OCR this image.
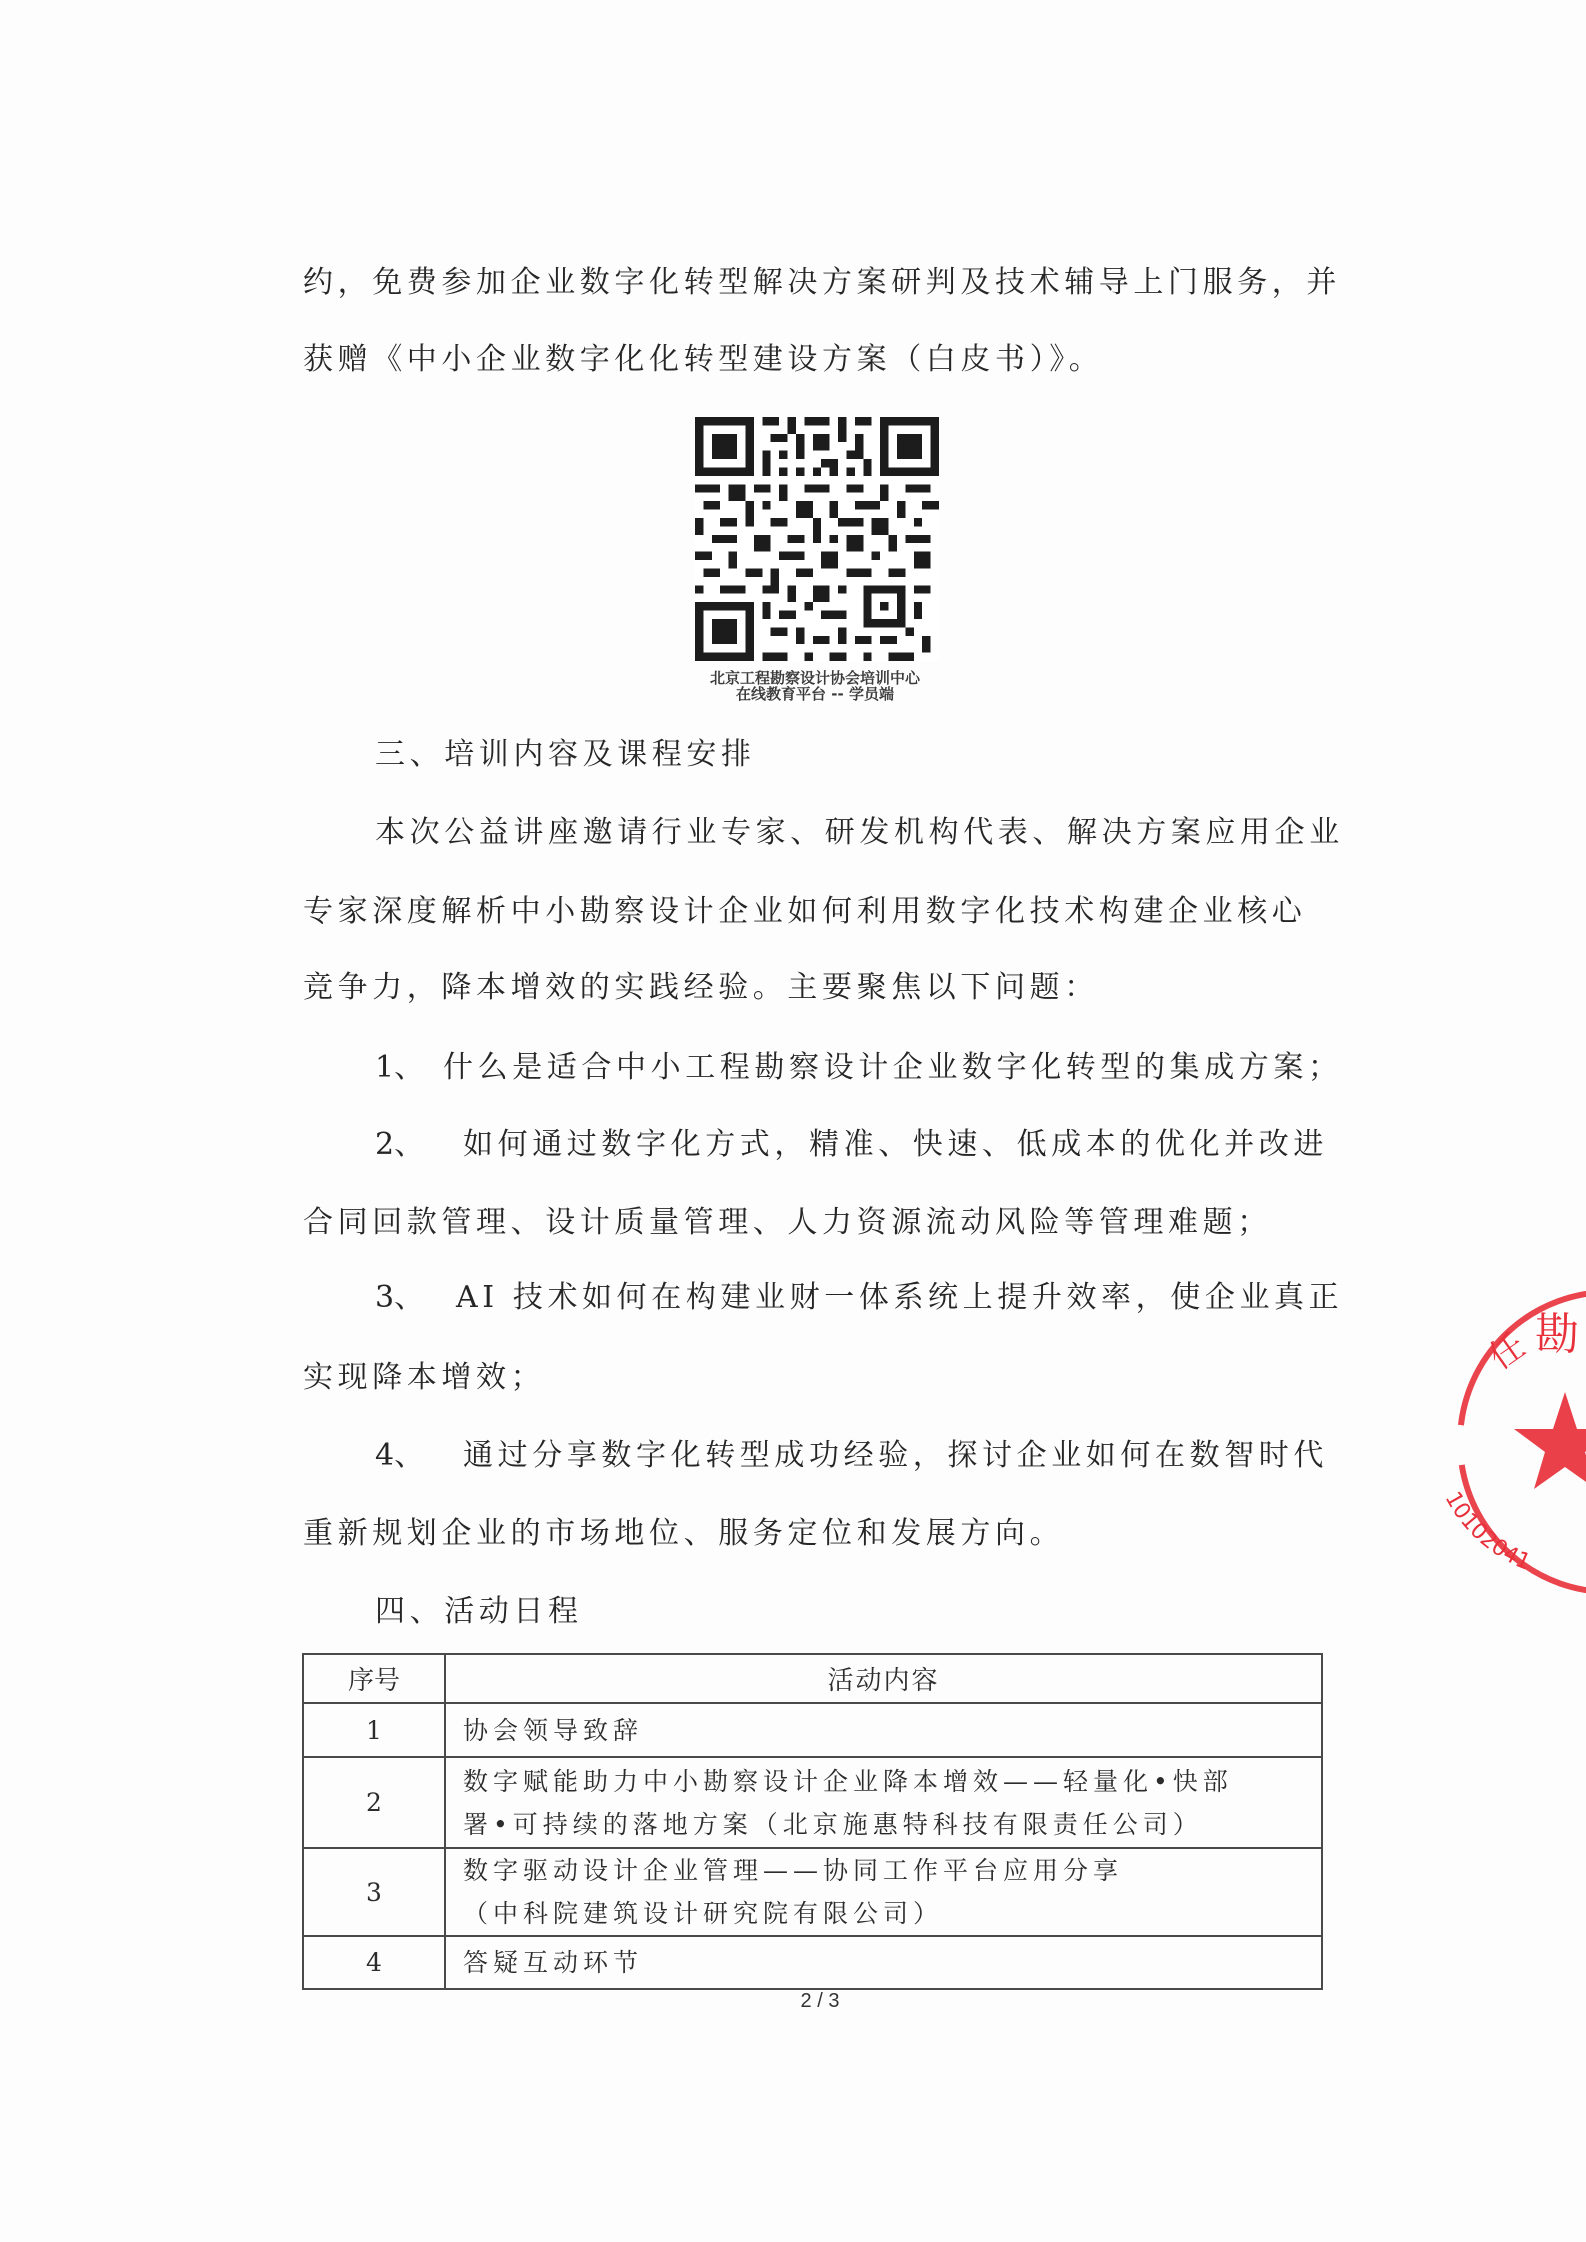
约，免费参加企业数字化转型解决方案研判及技术辅导上门服务，并
获赠《中小企业数字化化转型建设方案（白皮书）》。
北京工程勘察设计协会培训中心
在线教育平台 -- 学员端
三、培训内容及课程安排
本次公益讲座邀请行业专家、研发机构代表、解决方案应用企业
专家深度解析中小勘察设计企业如何利用数字化技术构建企业核心
竞争力，降本增效的实践经验。主要聚焦以下问题：
1、 什么是适合中小工程勘察设计企业数字化转型的集成方案；
2、 如何通过数字化方式，精准、快速、低成本的优化并改进
合同回款管理、设计质量管理、人力资源流动风险等管理难题；
3、 AI 技术如何在构建业财一体系统上提升效率，使企业真正
实现降本增效；
4、 通过分享数字化转型成功经验，探讨企业如何在数智时代
重新规划企业的市场地位、服务定位和发展方向。
四、活动日程
序号	活动内容
1	协会领导致辞

2	数字赋能助力中小勘察设计企业降本增效——轻量化•快部
署•可持续的落地方案（北京施惠特科技有限责任公司）

3	数字驱动设计企业管理——协同工作平台应用分享
（中科院建筑设计研究院有限公司）

4	答疑互动环节
2 / 3
勘
任
10102041
